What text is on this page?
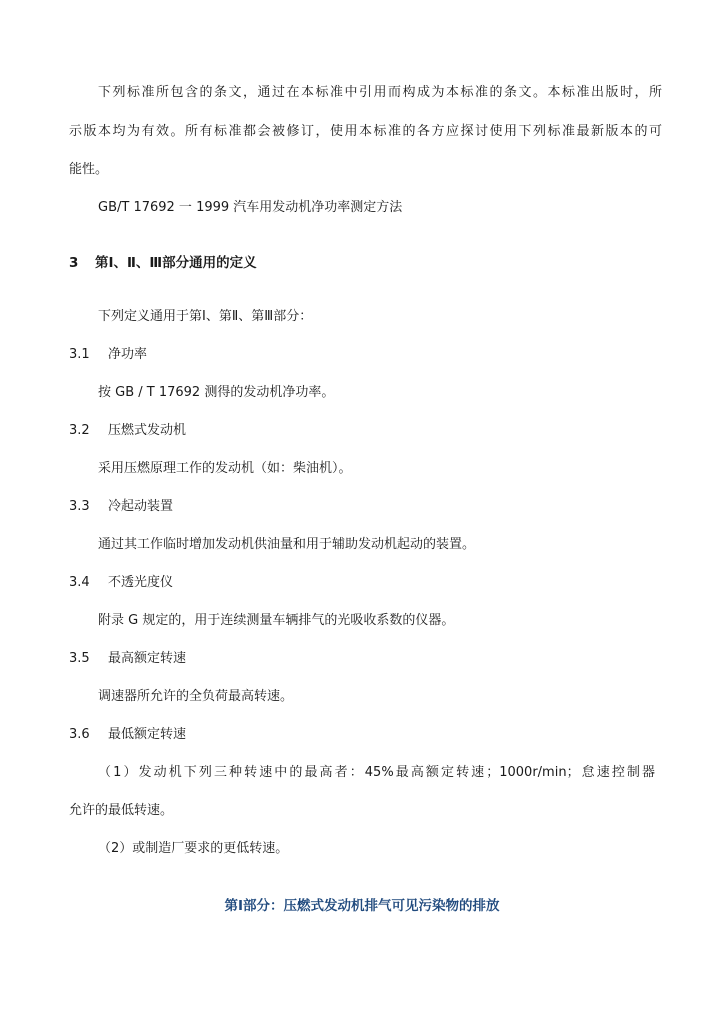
下列标准所包含的条文，通过在本标准中引用而构成为本标准的条文。本标准出版时，所
示版本均为有效。所有标准都会被修订，使用本标准的各方应探讨使用下列标准最新版本的可
能性。
GB/T 17692 一 1999 汽车用发动机净功率测定方法
3 第Ⅰ、Ⅱ、Ⅲ部分通用的定义
下列定义通用于第Ⅰ、第Ⅱ、第Ⅲ部分：
3.1 净功率
按 GB / T 17692 测得的发动机净功率。
3.2 压燃式发动机
采用压燃原理工作的发动机（如：柴油机）。
3.3 冷起动装置
通过其工作临时增加发动机供油量和用于辅助发动机起动的装置。
3.4 不透光度仪
附录 G 规定的，用于连续测量车辆排气的光吸收系数的仪器。
3.5 最高额定转速
调速器所允许的全负荷最高转速。
3.6 最低额定转速
（1）发动机下列三种转速中的最高者：45%最高额定转速；1000r/min；怠速控制器
允许的最低转速。
（2）或制造厂要求的更低转速。
第Ⅰ部分：压燃式发动机排气可见污染物的排放
